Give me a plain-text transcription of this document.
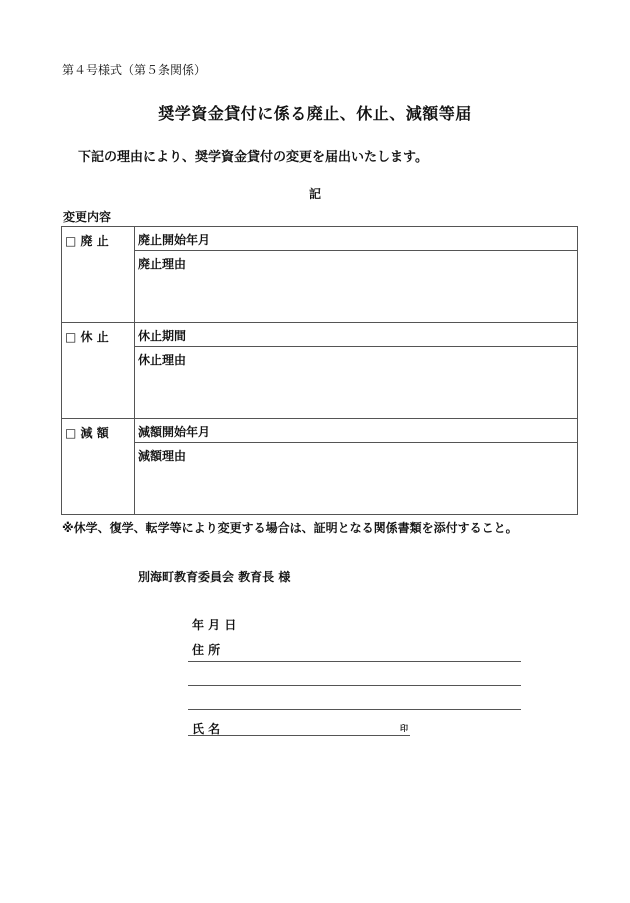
第４号様式（第５条関係）
奨学資金貸付に係る廃止、休止、減額等届
下記の理由により、奨学資金貸付の変更を届出いたします。
記
変更内容
□ 廃 止	廃止開始年月
	廃止理由

□ 休 止	休止期間
	休止理由

□ 減 額	減額開始年月
	減額理由
※休学、復学、転学等により変更する場合は、証明となる関係書類を添付すること。
別海町教育委員会 教育長 様
年 月 日
住 所
氏 名	印
